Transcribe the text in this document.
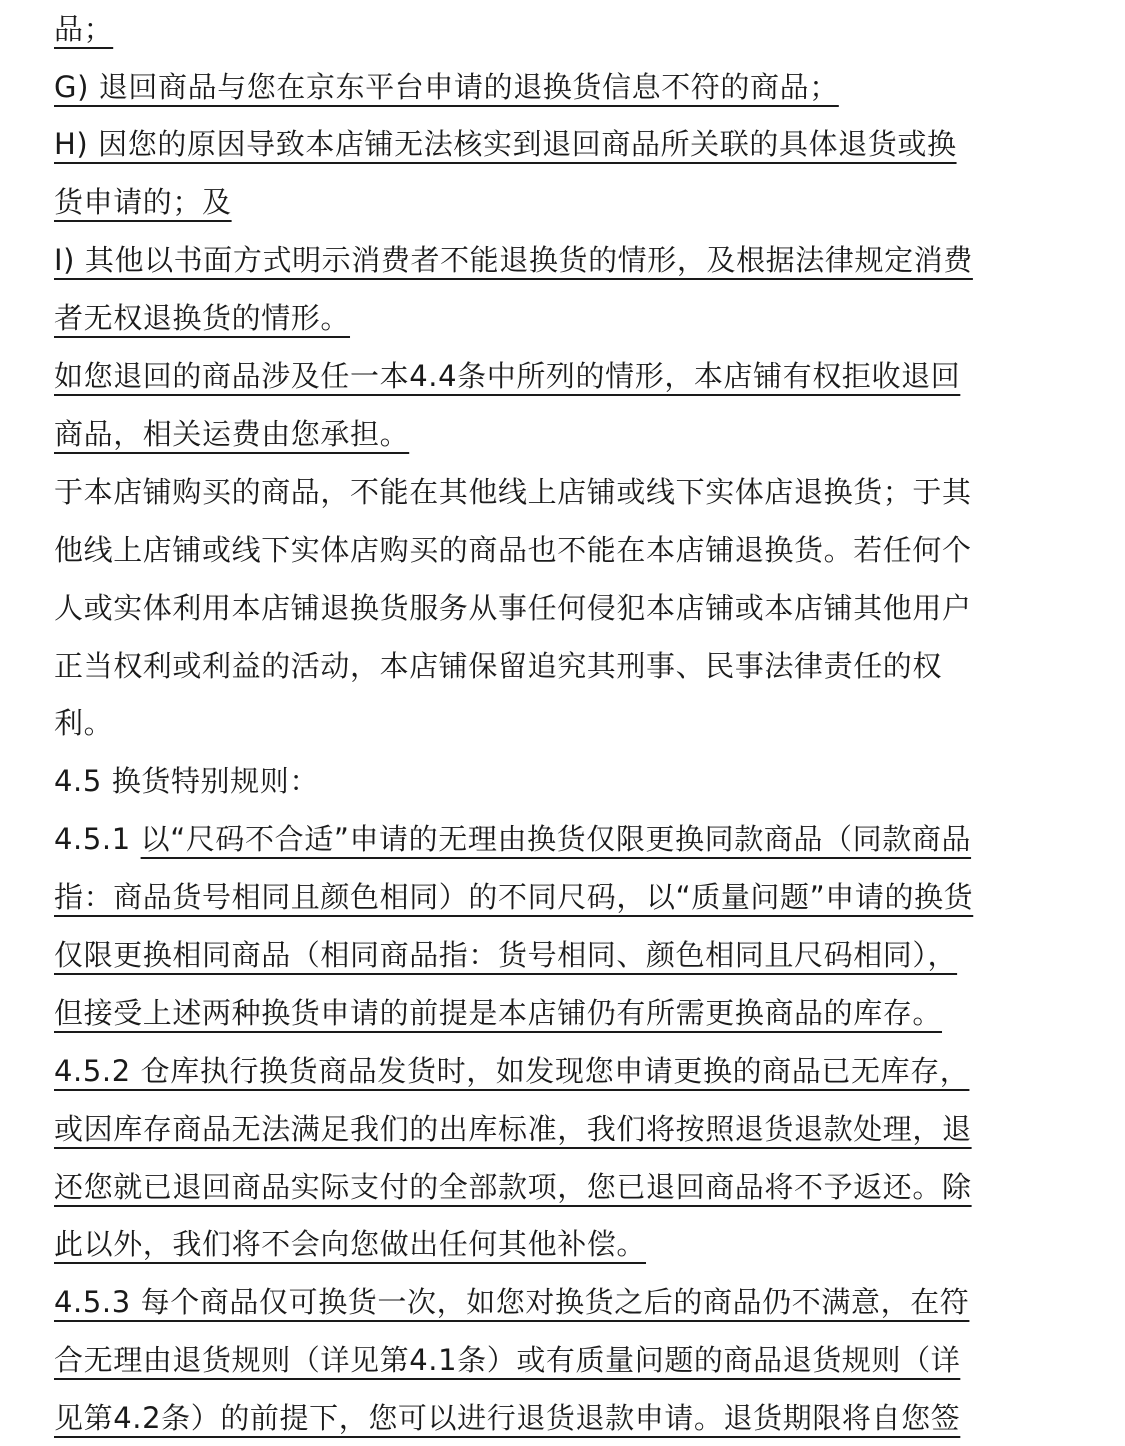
品；
G) 退回商品与您在京东平台申请的退换货信息不符的商品；
H) 因您的原因导致本店铺无法核实到退回商品所关联的具体退货或换
货申请的；及
I) 其他以书面方式明示消费者不能退换货的情形，及根据法律规定消费
者无权退换货的情形。
如您退回的商品涉及任一本4.4条中所列的情形，本店铺有权拒收退回
商品，相关运费由您承担。
于本店铺购买的商品，不能在其他线上店铺或线下实体店退换货；于其
他线上店铺或线下实体店购买的商品也不能在本店铺退换货。若任何个
人或实体利用本店铺退换货服务从事任何侵犯本店铺或本店铺其他用户
正当权利或利益的活动，本店铺保留追究其刑事、民事法律责任的权
利。
4.5 换货特别规则：
4.5.1 以“尺码不合适”申请的无理由换货仅限更换同款商品（同款商品
指：商品货号相同且颜色相同）的不同尺码，以“质量问题”申请的换货
仅限更换相同商品（相同商品指：货号相同、颜色相同且尺码相同），
但接受上述两种换货申请的前提是本店铺仍有所需更换商品的库存。
4.5.2 仓库执行换货商品发货时，如发现您申请更换的商品已无库存，
或因库存商品无法满足我们的出库标准，我们将按照退货退款处理，退
还您就已退回商品实际支付的全部款项，您已退回商品将不予返还。除
此以外，我们将不会向您做出任何其他补偿。
4.5.3 每个商品仅可换货一次，如您对换货之后的商品仍不满意，在符
合无理由退货规则（详见第4.1条）或有质量问题的商品退货规则（详
见第4.2条）的前提下，您可以进行退货退款申请。退货期限将自您签
